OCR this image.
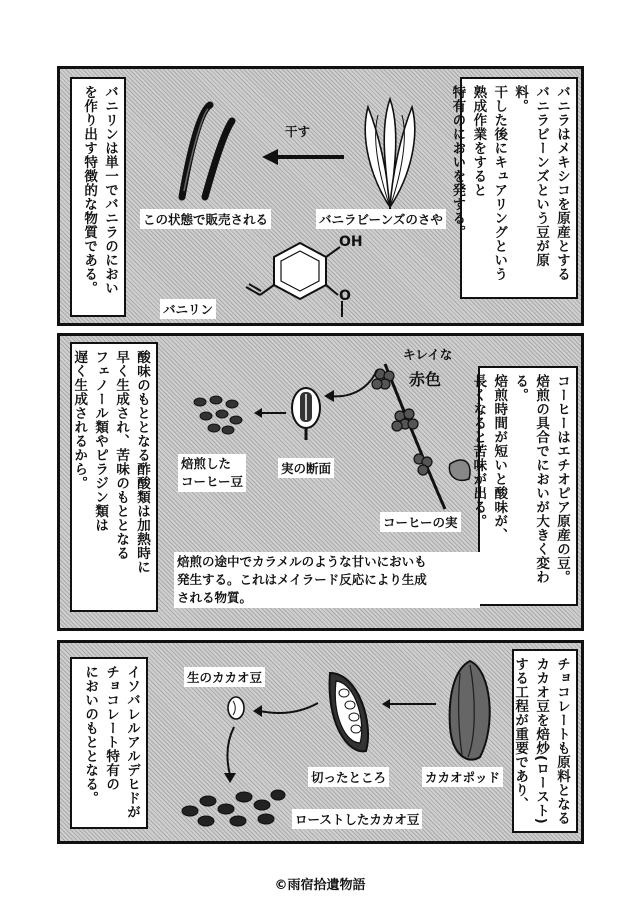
バニラはメキシコを原産とする
バニラビーンズという豆が原料。
干した後にキュアリングという
熟成作業をすると
特有のにおいを発する。
バニリンは単一でバニラのにおい
を作り出す特徴的な物質である。	干す
バニラビーンズのさや
この状態で販売される
OH
O
バニリン
コーヒーはエチオピア原産の豆。
焙煎の具合でにおいが大きく変わる。
焙煎時間が短いと酸味が、
長くなると苦味が出る。
酸味のもととなる酢酸類は加熱時に
早く生成され、苦味のもととなる
フェノール類やピラジン類は
遅く生成されるから。	キレイな
赤色
実の断面
焙煎した
コーヒー豆
コーヒーの実
焙煎の途中でカラメルのような甘いにおいも
発生する。これはメイラード反応により生成
される物質。
チョコレートも原料となる
カカオ豆を焙炒(ロースト)
する工程が重要であり、
イソバレルアルデヒドが
チョコレート特有の
においのもととなる。	カカオポッド
切ったところ
生のカカオ豆
ローストしたカカオ豆
©雨宿拾遺物語
